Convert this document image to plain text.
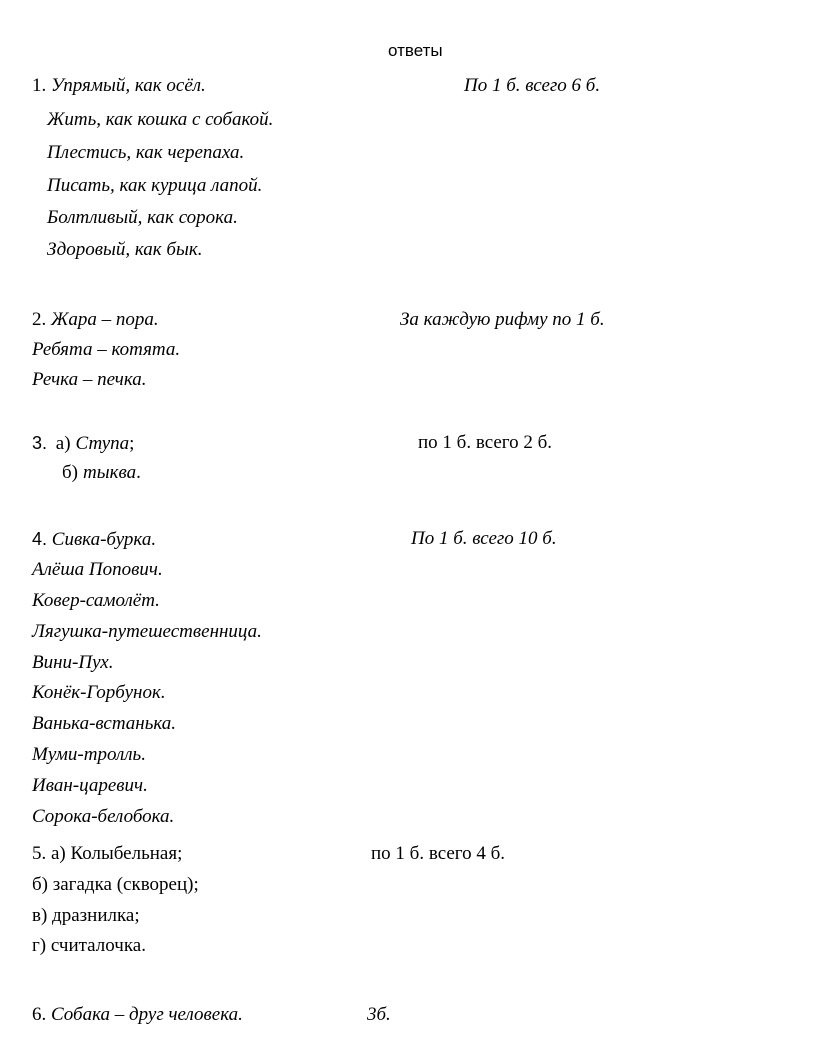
ответы
1. Упрямый, как осёл.	По 1 б. всего 6 б.
Жить, как кошка с собакой.
Плестись, как черепаха.
Писать, как курица лапой.
Болтливый, как сорока.
Здоровый, как бык.
2. Жара – пора.	За каждую рифму по 1 б.
Ребята – котята.
Речка – печка.
3. а) Ступа;	по 1 б. всего 2 б.
б) тыква.
4. Сивка-бурка.	По 1 б. всего 10 б.
Алёша Попович.
Ковер-самолёт.
Лягушка-путешественница.
Вини-Пух.
Конёк-Горбунок.
Ванька-встанька.
Муми-тролль.
Иван-царевич.
Сорока-белобока.
5. а) Колыбельная;	по 1 б. всего 4 б.
б) загадка (скворец);
в) дразнилка;
г) считалочка.
6. Собака – друг человека.	3б.
